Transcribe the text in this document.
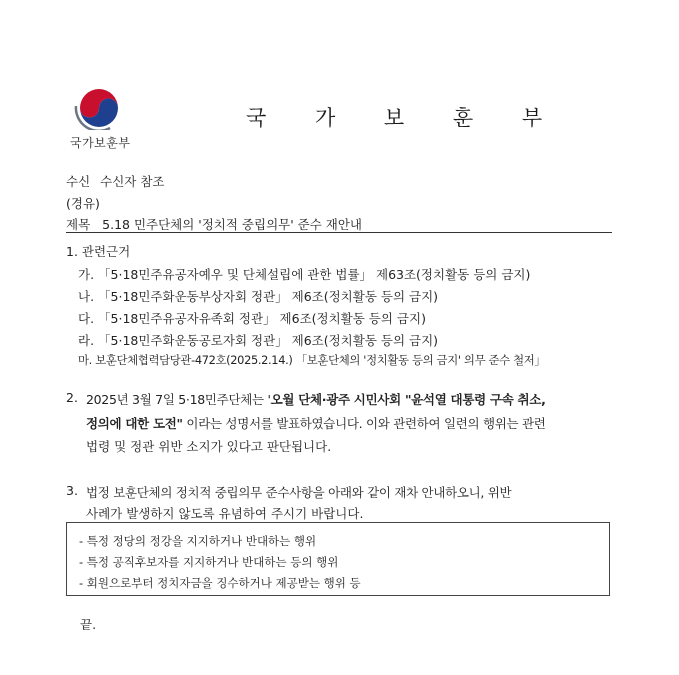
국가보훈부
국 가 보 훈 부
수신 수신자 참조
(경유)
제목 5.18 민주단체의 '정치적 중립의무' 준수 재안내
1. 관련근거
가. 「5·18민주유공자예우 및 단체설립에 관한 법률」 제63조(정치활동 등의 금지)
나. 「5·18민주화운동부상자회 정관」 제6조(정치활동 등의 금지)
다. 「5·18민주유공자유족회 정관」 제6조(정치활동 등의 금지)
라. 「5·18민주화운동공로자회 정관」 제6조(정치활동 등의 금지)
마. 보훈단체협력담당관-472호(2025.2.14.) 「보훈단체의 '정치활동 등의 금지' 의무 준수 철저」
2. 2025년 3월 7일 5·18민주단체는 '오월 단체·광주 시민사회 "윤석열 대통령 구속 취소,
정의에 대한 도전" 이라는 성명서를 발표하였습니다. 이와 관련하여 일련의 행위는 관련
법령 및 정관 위반 소지가 있다고 판단됩니다.
3. 법정 보훈단체의 정치적 중립의무 준수사항을 아래와 같이 재차 안내하오니, 위반
사례가 발생하지 않도록 유념하여 주시기 바랍니다.
- 특정 정당의 정강을 지지하거나 반대하는 행위
- 특정 공직후보자를 지지하거나 반대하는 등의 행위
- 회원으로부터 정치자금을 징수하거나 제공받는 행위 등
끝.
